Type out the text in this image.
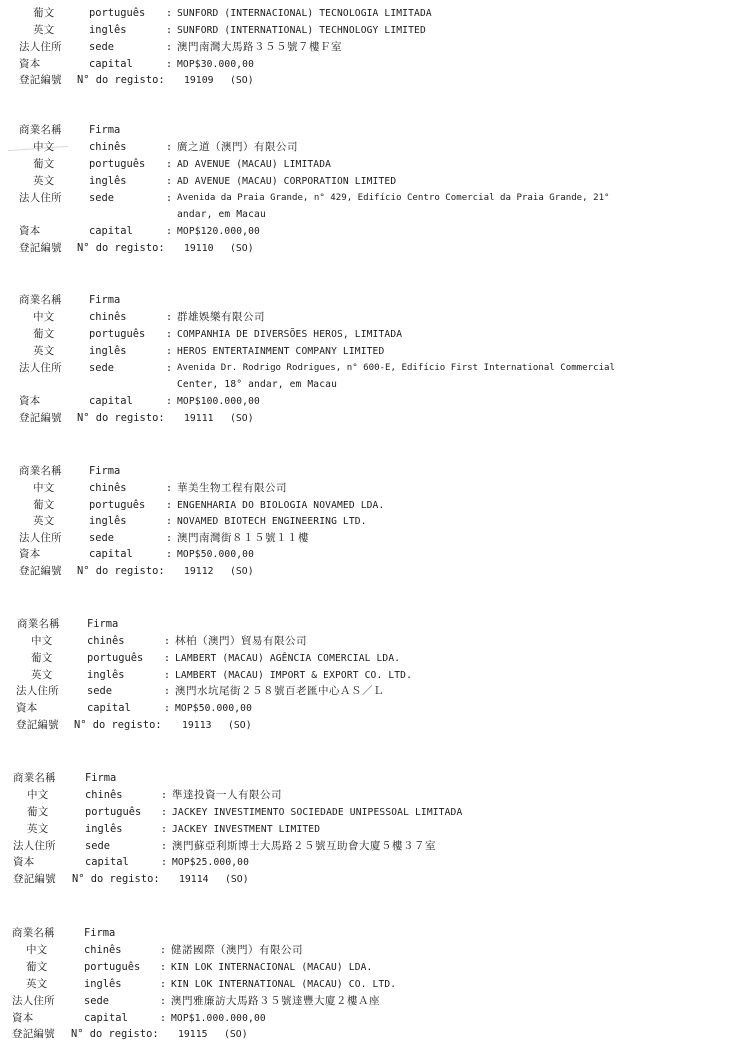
葡文	português : SUNFORD (INTERNACIONAL) TECNOLOGIA LIMITADA
英文	inglês	: SUNFORD (INTERNATIONAL) TECHNOLOGY LIMITED
法人住所	sede	: 澳門南灣大馬路３５５號７樓Ｆ室
資本	capital	: MOP$30.000,00
登記編號 N° do registo: 19109 (SO)
商業名稱	Firma
中文	chinês	: 廣之道（澳門）有限公司
葡文	português : AD AVENUE (MACAU) LIMITADA
英文	inglês	: AD AVENUE (MACAU) CORPORATION LIMITED
法人住所	sede	: Avenida da Praia Grande, n° 429, Edifício Centro Comercial da Praia Grande, 21°
andar, em Macau
資本	capital	: MOP$120.000,00
登記編號 N° do registo: 19110 (SO)
商業名稱	Firma
中文	chinês	: 群雄娛樂有限公司
葡文	português : COMPANHIA DE DIVERSÕES HEROS, LIMITADA
英文	inglês	: HEROS ENTERTAINMENT COMPANY LIMITED
法人住所	sede	: Avenida Dr. Rodrigo Rodrigues, n° 600-E, Edifício First International Commercial
Center, 18° andar, em Macau
資本	capital	: MOP$100.000,00
登記編號 N° do registo: 19111 (SO)
商業名稱	Firma
中文	chinês	: 華美生物工程有限公司
葡文	português : ENGENHARIA DO BIOLOGIA NOVAMED LDA.
英文	inglês	: NOVAMED BIOTECH ENGINEERING LTD.
法人住所	sede	: 澳門南灣街８１５號１１樓
資本	capital	: MOP$50.000,00
登記編號 N° do registo: 19112 (SO)
商業名稱	Firma
中文	chinês	: 林柏（澳門）貿易有限公司
葡文	português : LAMBERT (MACAU) AGÊNCIA COMERCIAL LDA.
英文	inglês	: LAMBERT (MACAU) IMPORT & EXPORT CO. LTD.
法人住所	sede	: 澳門水坑尾街２５８號百老匯中心ＡＳ／Ｌ
資本	capital	: MOP$50.000,00
登記編號 N° do registo: 19113 (SO)
商業名稱	Firma
中文	chinês	: 準達投資一人有限公司
葡文	português : JACKEY INVESTIMENTO SOCIEDADE UNIPESSOAL LIMITADA
英文	inglês	: JACKEY INVESTMENT LIMITED
法人住所	sede	: 澳門蘇亞利斯博士大馬路２５號互助會大廈５樓３７室
資本	capital	: MOP$25.000,00
登記編號 N° do registo: 19114 (SO)
商業名稱	Firma
中文	chinês	: 健諾國際（澳門）有限公司
葡文	português : KIN LOK INTERNACIONAL (MACAU) LDA.
英文	inglês	: KIN LOK INTERNATIONAL (MACAU) CO. LTD.
法人住所	sede	: 澳門雅廉訪大馬路３５號達豐大廈２樓Ａ座
資本	capital	: MOP$1.000.000,00
登記編號 N° do registo: 19115 (SO)
